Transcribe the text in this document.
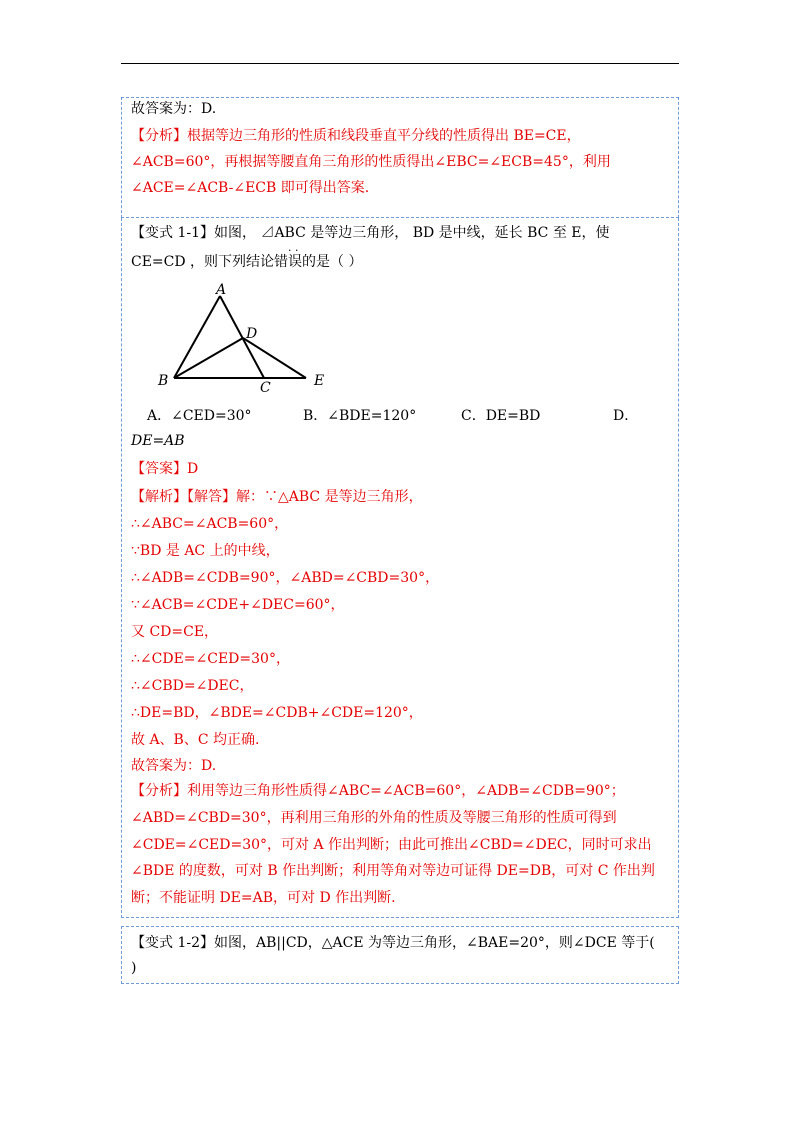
故答案为：D.
【分析】根据等边三角形的性质和线段垂直平分线的性质得出 BE=CE，
∠ACB=60°，再根据等腰直角三角形的性质得出∠EBC=∠ECB=45°，利用
∠ACE=∠ACB-∠ECB 即可得出答案.
【变式 1-1】如图， ⊿ABC 是等边三角形， BD 是中线，延长 BC 至 E，使
· ·
CE=CD ，则下列结论错误的是（ ）
A
D
B	C	E
A．∠CED=30°	B．∠BDE=120°	C．DE=BD	D．
DE=AB
【答案】D
【解析】【解答】解：∵△ABC 是等边三角形，
∴∠ABC=∠ACB=60°，
∵BD 是 AC 上的中线，
∴∠ADB=∠CDB=90°，∠ABD=∠CBD=30°，
∵∠ACB=∠CDE+∠DEC=60°，
又 CD=CE，
∴∠CDE=∠CED=30°，
∴∠CBD=∠DEC，
∴DE=BD，∠BDE=∠CDB+∠CDE=120°，
故 A、B、C 均正确.
故答案为：D.
【分析】利用等边三角形性质得∠ABC=∠ACB=60°，∠ADB=∠CDB=90°；
∠ABD=∠CBD=30°，再利用三角形的外角的性质及等腰三角形的性质可得到
∠CDE=∠CED=30°，可对 A 作出判断；由此可推出∠CBD=∠DEC，同时可求出
∠BDE 的度数，可对 B 作出判断；利用等角对等边可证得 DE=DB，可对 C 作出判
断；不能证明 DE=AB，可对 D 作出判断.
【变式 1-2】如图，AB||CD，△ACE 为等边三角形，∠BAE=20°，则∠DCE 等于(
)
